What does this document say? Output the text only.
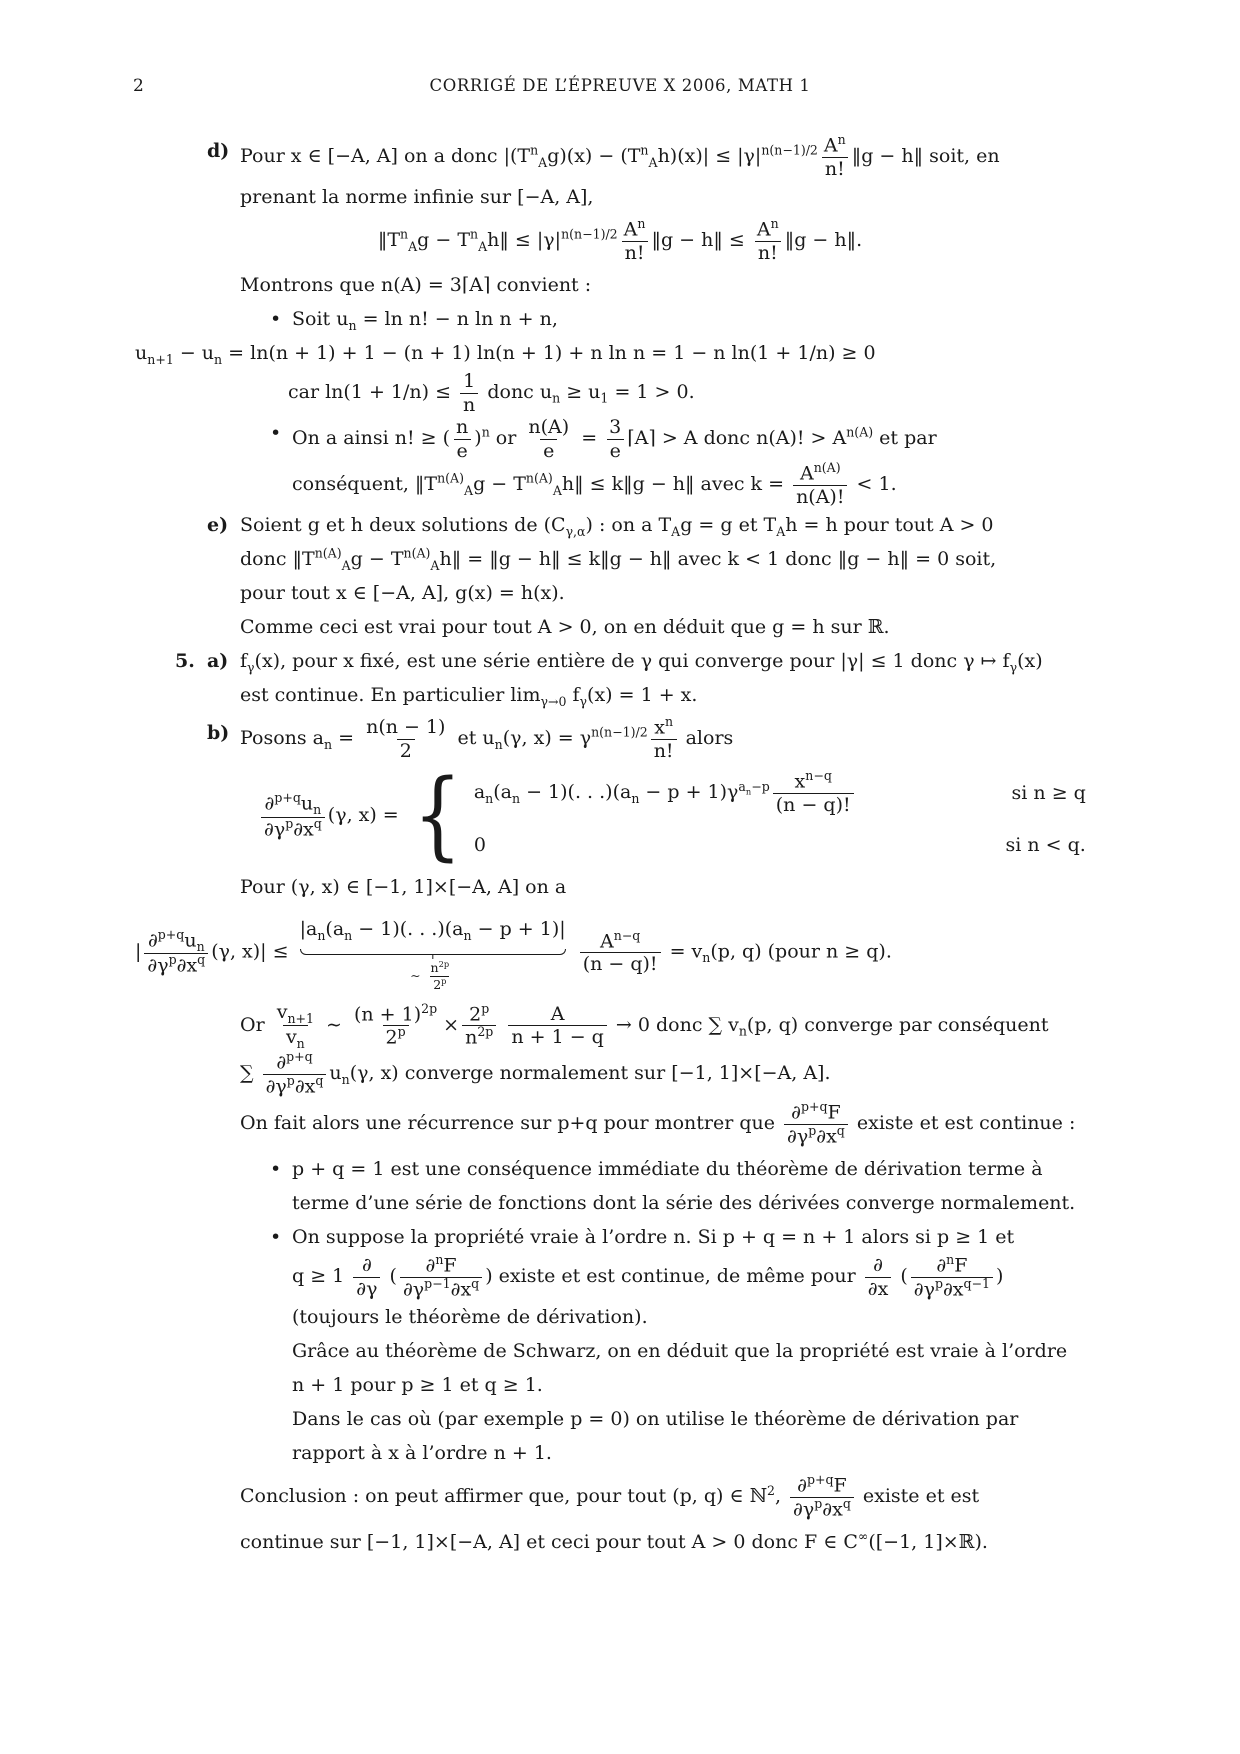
2	CORRIGÉ DE L’ÉPREUVE X 2006, MATH 1
d) Pour x ∈ [−A, A] on a donc $|(T^n_Ag)(x) - (T^n_Ah)(x)| \le |\gamma|^{n(n-1)/2} \frac{A^n}{n!}$ ‖g − h‖ soit, en
prenant la norme infinie sur [−A, A],
$‖T^n_Ag$ − $T^n_Ah‖ \le |\gamma|^{n(n-1)/2} \frac{A^n}{n!}$ ‖g − h‖ ≤ $\frac{A^n}{n!}$ ‖g − h‖.
Montrons que n(A) = 3⌈A⌉ convient :
• Soit $u_n = \ln n$! − n ln n + n,
$u_{n+1} - u_n = \ln(n + 1) + 1 - (n + 1) \ln(n + 1) + n$ ln n = 1 − n ln(1 + 1/n) ≥ 0
car $\ln(1 + 1/n) \le \frac{1}{n}$ donc $u_n \ge u_1 = 1 > 0$.
• On a ainsi n! ≥ ( $\frac{n}{e} )^n$ or $\frac{n(A)}{e} = \frac{3}{e}$ ⌈A⌉ > A donc n(A)! > $A^{n(A)}$ et par
conséquent, $‖T^{n(A)}_Ag$ − $T^{n(A)}_Ah‖$ ≤ k‖g − h‖ avec $k = \frac{A^{n(A)}}{n(A)!} < 1$.
e) Soient g et h deux solutions de $(C_{\gamma,\alpha})$ : on a $T_Ag = g$ et $T_Ah = h$ pour tout A > 0
donc $‖T^{n(A)}_Ag$ − $T^{n(A)}_Ah‖$ = ‖g − h‖ ≤ k‖g − h‖ avec k < 1 donc ‖g − h‖ = 0 soit,
pour tout x ∈ [−A, A], g(x) = h(x).
Comme ceci est vrai pour tout A > 0, on en déduit que g = h sur ℝ.
5. a) $f_\gamma(x)$, pour x fixé, est une série entière de γ qui converge pour |γ| ≤ 1 donc γ ↦ $f_\gamma(x)$
est continue. En particulier $\lim_{\gamma\to 0} f_\gamma(x) = 1 + x$.
b) Posons $a_n = \frac{n(n - 1)}{2}$ et $u_n(\gamma$, $x) = \gamma^{n(n-1)/2} \frac{x^n}{n!}$ alors
$\frac{\partial^{p+q}u_n}{\partial\gamma^p\partial x^q} (\gamma$, x) = { $a_n(a_n - 1)$(. . $.)(a_n - p + 1)\gamma^{a_n-p} \frac{x^{n-q}}{(n - q)!}$	si n ≥ q
0	si n < q.
Pour (γ, x) ∈ [−1, 1]×[−A, A] on a
| $\frac{\partial^{p+q}u_n}{\partial\gamma^p\partial x^q} (\gamma$, x)| ≤
$|a_n(a_n - 1)$(. . $.)(a_n - p + 1)|$
∼ $\frac{n^{2p}}{2^p}$

$\frac{A^{n-q}}{(n - q)!} = v_n(p$, q) (pour n ≥ q).
Or $\frac{v_{n+1}}{v_n}$ ∼ $\frac{(n + 1)^{2p}}{2^p} \times \frac{2^p}{n^{2p}}$
$\frac{A}{n + 1 - q} \to 0$ donc ∑ $v_n(p$, q) converge par conséquent
∑ $\frac{\partial^{p+q}}{\partial\gamma^p\partial x^q} u_n(\gamma$, x) converge normalement sur [−1, 1]×[−A, A].
On fait alors une récurrence sur p+q pour montrer que $\frac{\partial^{p+q}F}{\partial\gamma^p\partial x^q}$ existe et est continue :
• p + q = 1 est une conséquence immédiate du théorème de dérivation terme à
terme d’une série de fonctions dont la série des dérivées converge normalement.
• On suppose la propriété vraie à l’ordre n. Si p + q = n + 1 alors si p ≥ 1 et
$q \ge 1 \frac{\partial}{\partial\gamma}$ ( $\frac{\partial^nF}{\partial\gamma^{p-1}\partial x^q}$ ) existe et est continue, de même pour $\frac{\partial}{\partial x}$ ( $\frac{\partial^nF}{\partial\gamma^p\partial x^{q-1}}$ )
(toujours le théorème de dérivation).
Grâce au théorème de Schwarz, on en déduit que la propriété est vraie à l’ordre
n + 1 pour p ≥ 1 et q ≥ 1.
Dans le cas où (par exemple p = 0) on utilise le théorème de dérivation par
rapport à x à l’ordre n + 1.
Conclusion : on peut affirmer que, pour tout (p, q) ∈ ℕ$^2$, $\frac{\partial^{p+q}F}{\partial\gamma^p\partial x^q}$ existe et est
continue sur [−1, 1]×[−A, A] et ceci pour tout A > 0 donc F ∈ C∞([−1, 1]×ℝ).
